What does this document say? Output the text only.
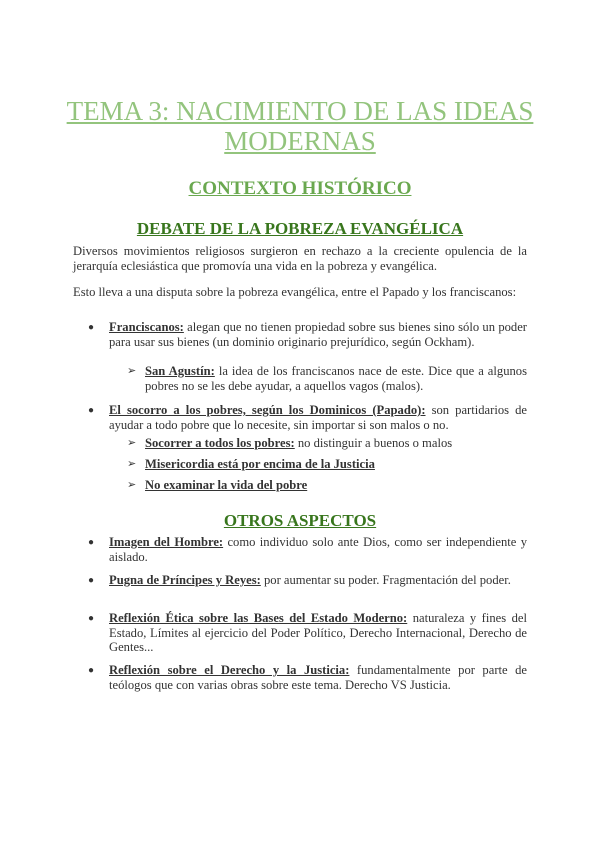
TEMA 3: NACIMIENTO DE LAS IDEAS MODERNAS
CONTEXTO HISTÓRICO
DEBATE DE LA POBREZA EVANGÉLICA

Diversos movimientos religiosos surgieron en rechazo a la creciente opulencia de la jerarquía eclesiástica que promovía una vida en la pobreza y evangélica.

Esto lleva a una disputa sobre la pobreza evangélica, entre el Papado y los franciscanos:

● Franciscanos: alegan que no tienen propiedad sobre sus bienes sino sólo un poder para usar sus bienes (un dominio originario prejurídico, según Ockham).

➢ San Agustín: la idea de los franciscanos nace de este. Dice que a algunos pobres no se les debe ayudar, a aquellos vagos (malos).

● El socorro a los pobres, según los Dominicos (Papado): son partidarios de ayudar a todo pobre que lo necesite, sin importar si son malos o no.

➢ Socorrer a todos los pobres: no distinguir a buenos o malos

➢ Misericordia está por encima de la Justicia

➢ No examinar la vida del pobre

OTROS ASPECTOS
● Imagen del Hombre: como individuo solo ante Dios, como ser independiente y aislado.

● Pugna de Príncipes y Reyes: por aumentar su poder. Fragmentación del poder.

● Reflexión Ética sobre las Bases del Estado Moderno: naturaleza y fines del Estado, Límites al ejercicio del Poder Político, Derecho Internacional, Derecho de Gentes...

● Reflexión sobre el Derecho y la Justicia: fundamentalmente por parte de teólogos que con varias obras sobre este tema. Derecho VS Justicia.
